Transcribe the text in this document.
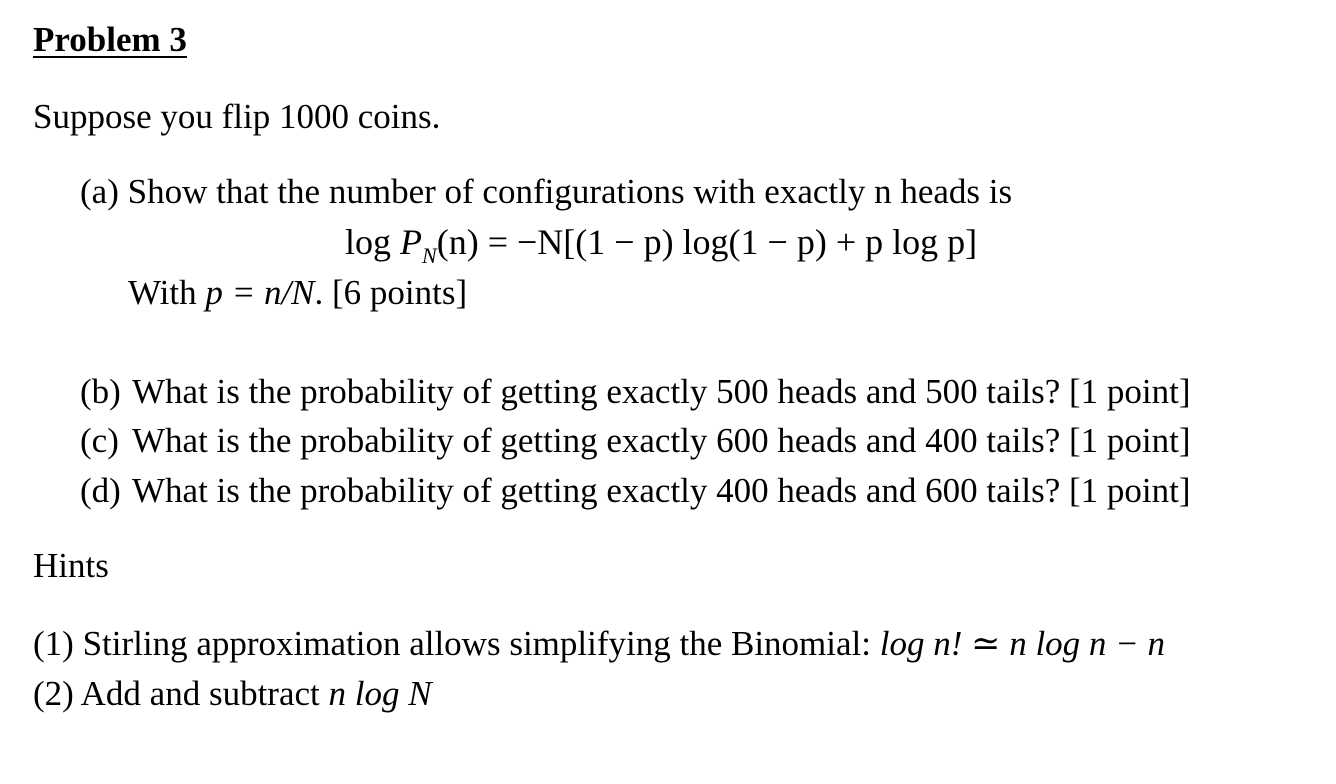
Problem 3
Suppose you flip 1000 coins.
(a) Show that the number of configurations with exactly n heads is
$\log P_N(n) = -N[(1 - p) \log(1 - p) + p$ log p]
With p = n/N. [6 points]
(b) What is the probability of getting exactly 500 heads and 500 tails? [1 point]
(c) What is the probability of getting exactly 600 heads and 400 tails? [1 point]
(d) What is the probability of getting exactly 400 heads and 600 tails? [1 point]
Hints
(1) Stirling approximation allows simplifying the Binomial: log n! ≃ n log n − n
(2) Add and subtract n log N
